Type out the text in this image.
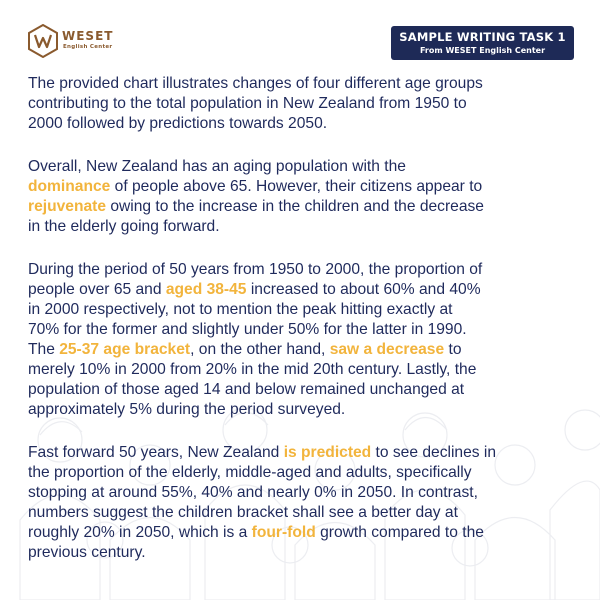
WESET
English Center
SAMPLE WRITING TASK 1
From WESET English Center

The provided chart illustrates changes of four different age groups
contributing to the total population in New Zealand from 1950 to
2000 followed by predictions towards 2050.

Overall, New Zealand has an aging population with the
dominance of people above 65. However, their citizens appear to
rejuvenate owing to the increase in the children and the decrease
in the elderly going forward.

During the period of 50 years from 1950 to 2000, the proportion of
people over 65 and aged 38-45 increased to about 60% and 40%
in 2000 respectively, not to mention the peak hitting exactly at
70% for the former and slightly under 50% for the latter in 1990.
The 25-37 age bracket, on the other hand, saw a decrease to
merely 10% in 2000 from 20% in the mid 20th century. Lastly, the
population of those aged 14 and below remained unchanged at
approximately 5% during the period surveyed.

Fast forward 50 years, New Zealand is predicted to see declines in
the proportion of the elderly, middle-aged and adults, specifically
stopping at around 55%, 40% and nearly 0% in 2050. In contrast,
numbers suggest the children bracket shall see a better day at
roughly 20% in 2050, which is a four-fold growth compared to the
previous century.
